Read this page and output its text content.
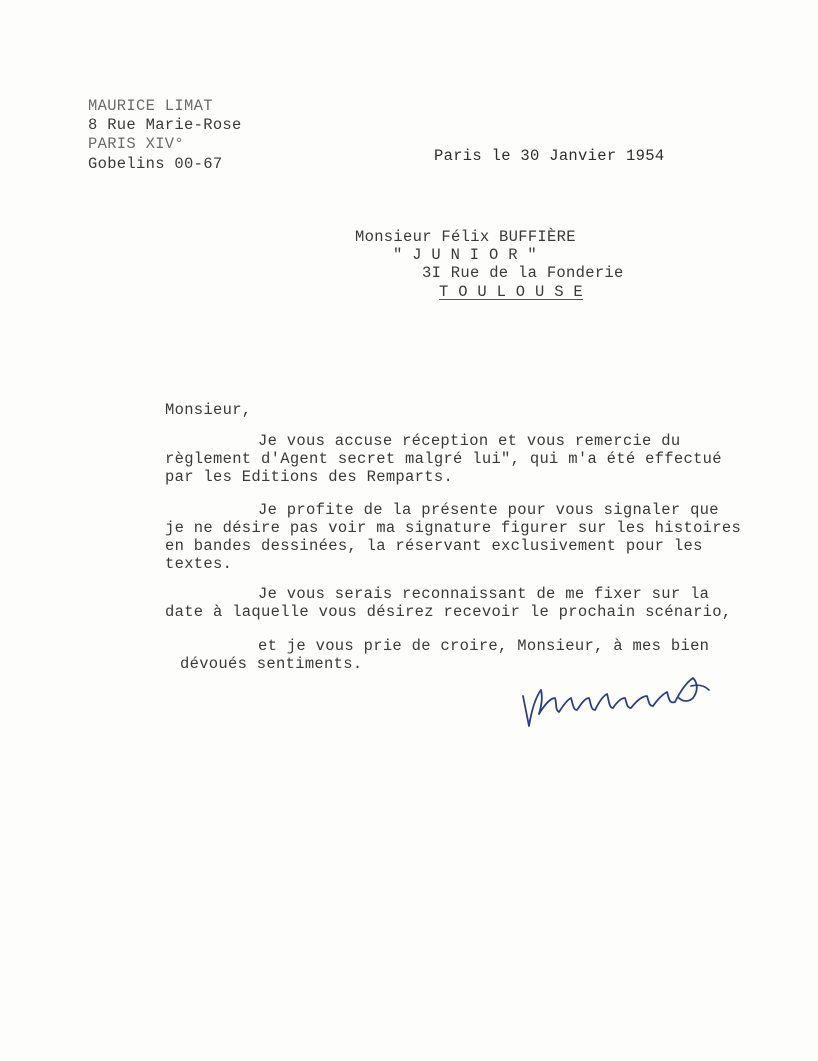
MAURICE LIMAT
8 Rue Marie-Rose
PARIS XIV°
Gobelins 00-67	Paris le 30 Janvier 1954
Monsieur Félix BUFFIÈRE
" J U N I O R "
3I Rue de la Fonderie
T O U L O U S E
Monsieur,
Je vous accuse réception et vous remercie du
règlement d'Agent secret malgré lui", qui m'a été effectué
par les Editions des Remparts.
Je profite de la présente pour vous signaler que
je ne désire pas voir ma signature figurer sur les histoires
en bandes dessinées, la réservant exclusivement pour les
textes.
Je vous serais reconnaissant de me fixer sur la
date à laquelle vous désirez recevoir le prochain scénario,
et je vous prie de croire, Monsieur, à mes bien
dévoués sentiments.
